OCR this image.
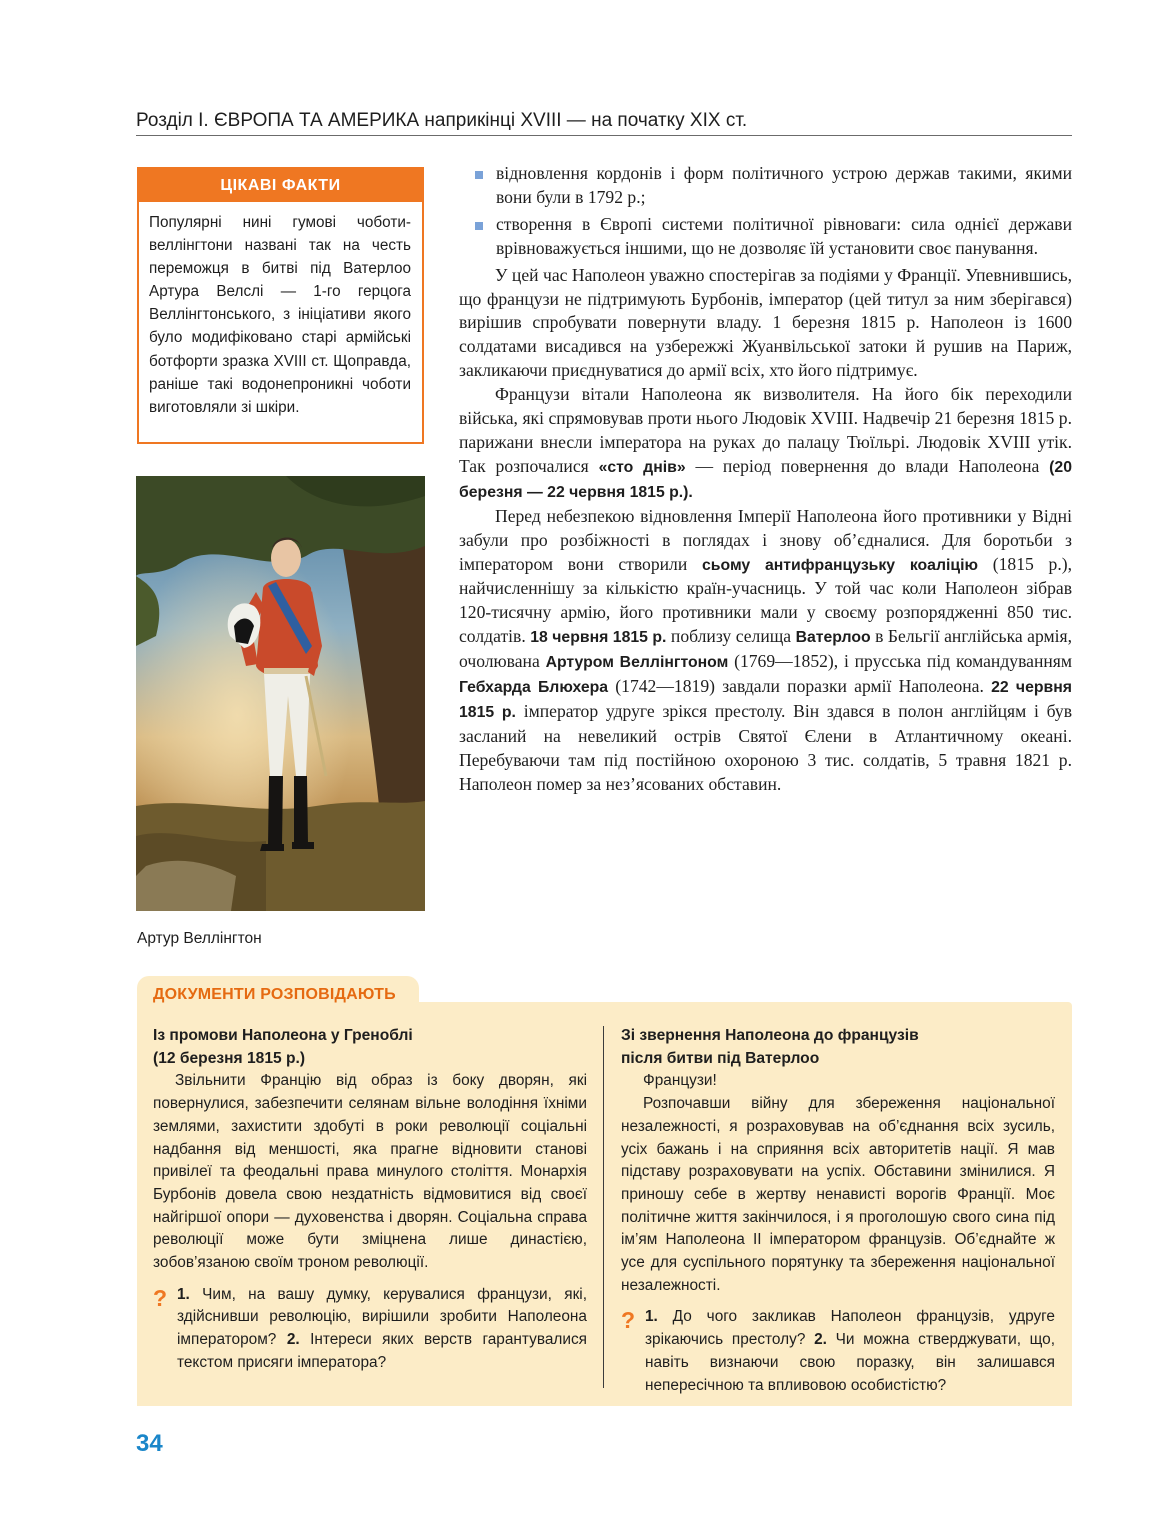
Розділ І. ЄВРОПА ТА АМЕРИКА наприкінці XVIII — на початку XIX ст.
ЦІКАВІ ФАКТИ
Популярні нині гумові чоботи-веллінгтони названі так на честь переможця в битві під Ватерлоо Артура Велслі — 1-го герцога Веллінгтонського, з ініціативи якого було модифіковано старі армійські ботфорти зразка XVIII ст. Щоправда, раніше такі водонепроникні чоботи виготовляли зі шкіри.
Артур Веллінгтон

відновлення кордонів і форм політичного устрою держав такими, якими вони були в 1792 р.;

створення в Європі системи політичної рівноваги: сила однієї держави врівноважується іншими, що не дозволяє їй установити своє панування.

У цей час Наполеон уважно спостерігав за подіями у Франції. Упевнившись, що французи не підтримують Бурбонів, імператор (цей титул за ним зберігався) вирішив спробувати повернути владу. 1 березня 1815 р. Наполеон із 1600 солдатами висадився на узбережжі Жуанвільської затоки й рушив на Париж, закликаючи приєднуватися до армії всіх, хто його підтримує.

Французи вітали Наполеона як визволителя. На його бік переходили війська, які спрямовував проти нього Людовік XVIII. Надвечір 21 березня 1815 р. парижани внесли імператора на руках до палацу Тюїльрі. Людовік XVIII утік. Так розпочалися «сто днів» — період повернення до влади Наполеона (20 березня — 22 червня 1815 р.).

Перед небезпекою відновлення Імперії Наполеона його противники у Відні забули про розбіжності в поглядах і знову об’єдналися. Для боротьби з імператором вони створили сьому антифранцузьку коаліцію (1815 р.), найчисленнішу за кількістю країн-учасниць. У той час коли Наполеон зібрав 120-тисячну армію, його противники мали у своєму розпорядженні 850 тис. солдатів. 18 червня 1815 р. поблизу селища Ватерлоо в Бельгії англійська армія, очолювана Артуром Веллінгтоном (1769—1852), і прусська під командуванням Гебхарда Блюхера (1742—1819) завдали поразки армії Наполеона. 22 червня 1815 р. імператор удруге зрікся престолу. Він здався в полон англійцям і був засланий на невеликий острів Святої Єлени в Атлантичному океані. Перебуваючи там під постійною охороною 3 тис. солдатів, 5 травня 1821 р. Наполеон помер за нез’ясованих обставин.

ДОКУМЕНТИ РОЗПОВІДАЮТЬ
Із промови Наполеона у Греноблі
(12 березня 1815 р.)

Звільнити Францію від образ із боку дворян, які повернулися, забезпечити селянам вільне володіння їхніми землями, захистити здобуті в роки революції соціальні надбання від меншості, яка прагне відновити станові привілеї та феодальні права минулого століття. Монархія Бурбонів довела свою нездатність відмовитися від своєї найгіршої опори — духовенства і дворян. Соціальна справа революції може бути зміцнена лише династією, зобов’язаною своїм троном революції.

? 1. Чим, на вашу думку, керувалися французи, які, здійснивши революцію, вирішили зробити Наполеона імператором? 2. Інтереси яких верств гарантувалися текстом присяги імператора?

Зі звернення Наполеона до французів
після битви під Ватерлоо

Французи!

Розпочавши війну для збереження національної незалежності, я розраховував на об’єднання всіх зусиль, усіх бажань і на сприяння всіх авторитетів нації. Я мав підставу розраховувати на успіх. Обставини змінилися. Я приношу себе в жертву ненависті ворогів Франції. Моє політичне життя закінчилося, і я проголошую свого сина під ім’ям Наполеона II імператором французів. Об’єднайте ж усе для суспільного порятунку та збереження національної незалежності.

? 1. До чого закликав Наполеон французів, удруге зрікаючись престолу? 2. Чи можна стверджувати, що, навіть визнаючи свою поразку, він залишався непересічною та впливовою особистістю?

34
